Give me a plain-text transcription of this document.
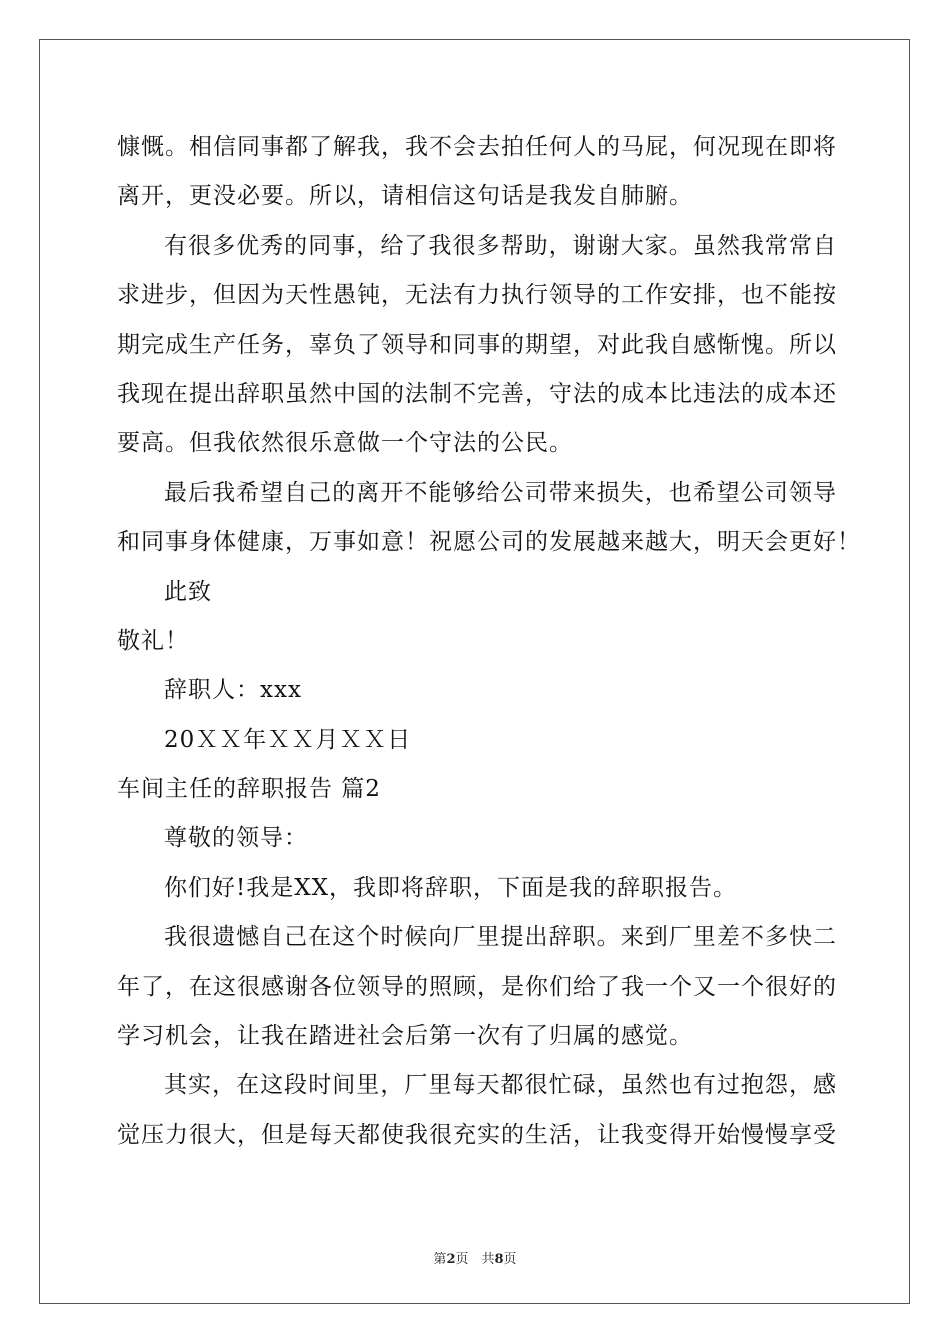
慷慨。相信同事都了解我，我不会去拍任何人的马屁，何况现在即将
离开，更没必要。所以，请相信这句话是我发自肺腑。
有很多优秀的同事，给了我很多帮助，谢谢大家。虽然我常常自
求进步，但因为天性愚钝，无法有力执行领导的工作安排，也不能按
期完成生产任务，辜负了领导和同事的期望，对此我自感惭愧。所以
我现在提出辞职虽然中国的法制不完善，守法的成本比违法的成本还
要高。但我依然很乐意做一个守法的公民。
最后我希望自己的离开不能够给公司带来损失，也希望公司领导
和同事身体健康，万事如意！祝愿公司的发展越来越大，明天会更好！
此致
敬礼！
辞职人：xxx
20ＸＸ年ＸＸ月ＸＸ日
车间主任的辞职报告 篇2
尊敬的领导：
你们好!我是XX，我即将辞职，下面是我的辞职报告。
我很遗憾自己在这个时候向厂里提出辞职。来到厂里差不多快二
年了，在这很感谢各位领导的照顾，是你们给了我一个又一个很好的
学习机会，让我在踏进社会后第一次有了归属的感觉。
其实，在这段时间里，厂里每天都很忙碌，虽然也有过抱怨，感
觉压力很大，但是每天都使我很充实的生活，让我变得开始慢慢享受
第2页　共8页
